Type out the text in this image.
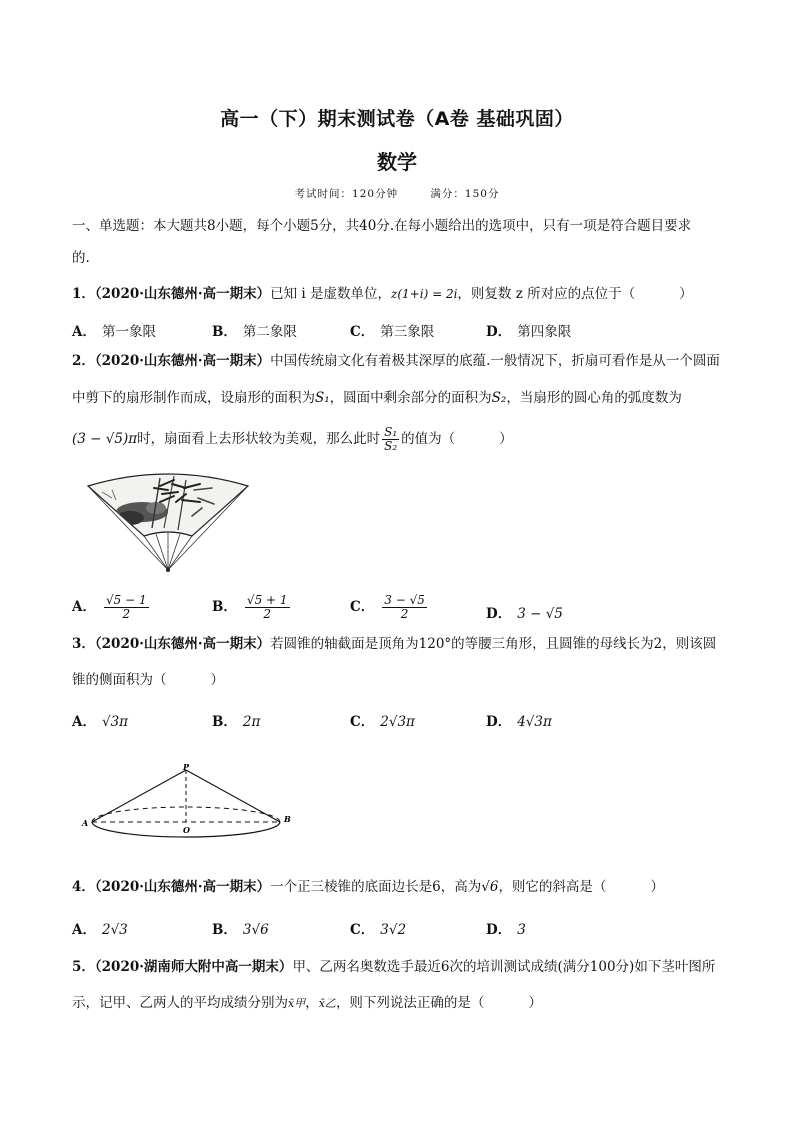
高一（下）期末测试卷（A卷 基础巩固）
数学
考试时间：120分钟	满分：150分
一、单选题：本大题共8小题，每个小题5分，共40分.在每小题给出的选项中，只有一项是符合题目要求
的.
1．（2020·山东德州·高一期末）已知 i 是虚数单位，z(1+i) = 2i，则复数 z 所对应的点位于（	）
A． 第一象限	B． 第二象限	C． 第三象限	D． 第四象限
2．（2020·山东德州·高一期末）中国传统扇文化有着极其深厚的底蕴.一般情况下，折扇可看作是从一个圆面
中剪下的扇形制作而成，设扇形的面积为S₁，圆面中剩余部分的面积为S₂，当扇形的圆心角的弧度数为
(3 − √5)π时，扇面看上去形状较为美观，那么此时 $\frac{\text{S₁}}{\text{S₂}}$ 的值为（	）
A． $\frac{√5 - 1}{2}$	B． $\frac{√5 + 1}{2}$	C． $\frac{3 - √5}{2}$	D． 3 − √5
3．（2020·山东德州·高一期末）若圆锥的轴截面是顶角为120°的等腰三角形，且圆锥的母线长为2，则该圆
锥的侧面积为（	）
A． √3π	B． 2π	C． 2√3π	D． 4√3π
P
A
O
B
4．（2020·山东德州·高一期末）一个正三棱锥的底面边长是6，高为√6，则它的斜高是（	）
A． 2√3	B． 3√6	C． 3√2	D． 3
5．（2020·湖南师大附中高一期末）甲、乙两名奥数选手最近6次的培训测试成绩(满分100分)如下茎叶图所
示，记甲、乙两人的平均成绩分别为x̄甲，x̄乙，则下列说法正确的是（	）
